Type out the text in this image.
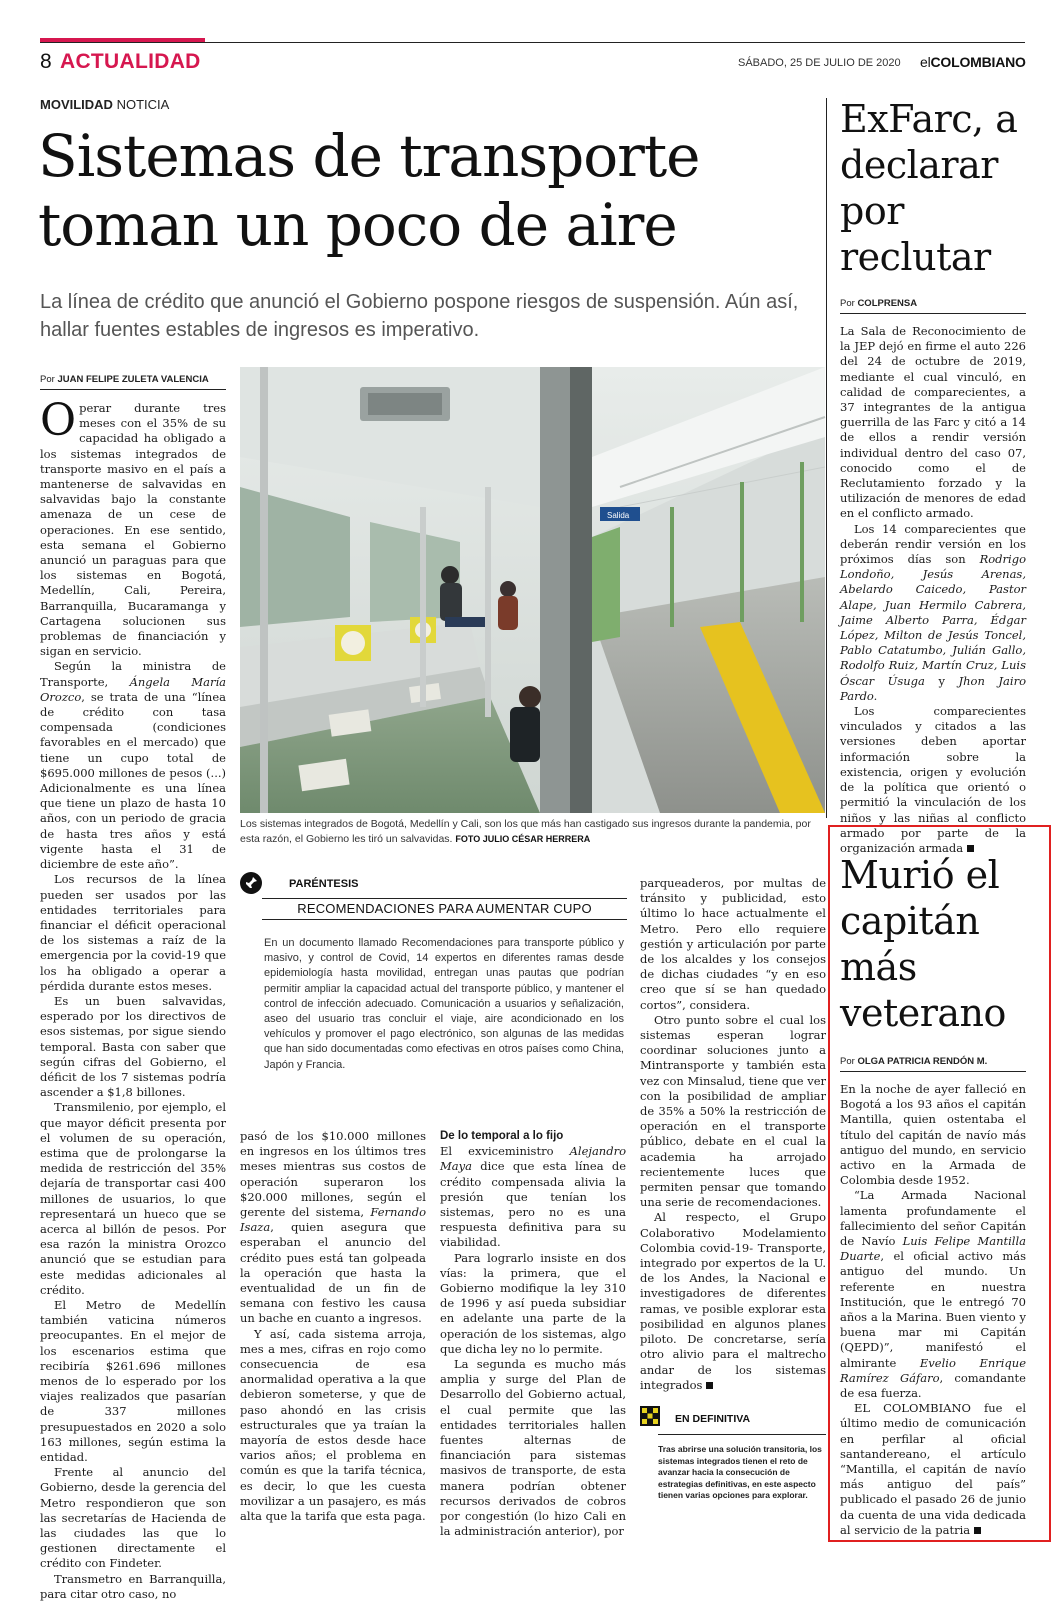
8 ACTUALIDAD	SÁBADO, 25 DE JULIO DE 2020 elCOLOMBIANO
MOVILIDAD NOTICIA
Sistemas de transporte toman un poco de aire
La línea de crédito que anunció el Gobierno pospone riesgos de suspensión. Aún así, hallar fuentes estables de ingresos es imperativo.
Por JUAN FELIPE ZULETA VALENCIA

Operar durante tres meses con el 35% de su capacidad ha obligado a los sistemas integrados de transporte masivo en el país a mantenerse de salvavidas en salvavidas bajo la constante amenaza de un cese de operaciones. En ese sentido, esta semana el Gobierno anunció un paraguas para que los sistemas en Bogotá, Medellín, Cali, Pereira, Barranquilla, Bucaramanga y Cartagena solucionen sus problemas de financiación y sigan en servicio.

Según la ministra de Transporte, Ángela María Orozco, se trata de una “línea de crédito con tasa compensada (condiciones favorables en el mercado) que tiene un cupo total de $695.000 millones de pesos (...) Adicionalmente es una línea que tiene un plazo de hasta 10 años, con un periodo de gracia de hasta tres años y está vigente hasta el 31 de diciembre de este año”.

Los recursos de la línea pueden ser usados por las entidades territoriales para financiar el déficit operacional de los sistemas a raíz de la emergencia por la covid-19 que los ha obligado a operar a pérdida durante estos meses.

Es un buen salvavidas, esperado por los directivos de esos sistemas, por sigue siendo temporal. Basta con saber que según cifras del Gobierno, el déficit de los 7 sistemas podría ascender a $1,8 billones.

Transmilenio, por ejemplo, el que mayor déficit presenta por el volumen de su operación, estima que de prolongarse la medida de restricción del 35% dejaría de transportar casi 400 millones de usuarios, lo que representará un hueco que se acerca al billón de pesos. Por esa razón la ministra Orozco anunció que se estudian para este medidas adicionales al crédito.

El Metro de Medellín también vaticina números preocupantes. En el mejor de los escenarios estima que recibiría $261.696 millones menos de lo esperado por los viajes realizados que pasarían de 337 millones presupuestados en 2020 a solo 163 millones, según estima la entidad.

Frente al anuncio del Gobierno, desde la gerencia del Metro respondieron que son las secretarías de Hacienda de las ciudades las que lo gestionen directamente el crédito con Findeter.

Transmetro en Barranquilla, para citar otro caso, no

Salida
Los sistemas integrados de Bogotá, Medellín y Cali, son los que más han castigado sus ingresos durante la pandemia, por esta razón, el Gobierno les tiró un salvavidas. FOTO JULIO CÉSAR HERRERA
PARÉNTESIS
RECOMENDACIONES PARA AUMENTAR CUPO
En un documento llamado Recomendaciones para transporte público y masivo, y control de Covid, 14 expertos en diferentes ramas desde epidemiología hasta movilidad, entregan unas pautas que podrían permitir ampliar la capacidad actual del transporte público, y mantener el control de infección adecuado. Comunicación a usuarios y señalización, aseo del usuario tras concluir el viaje, aire acondicionado en los vehículos y promover el pago electrónico, son algunas de las medidas que han sido documentadas como efectivas en otros países como China, Japón y Francia.

pasó de los $10.000 millones en ingresos en los últimos tres meses mientras sus costos de operación superaron los $20.000 millones, según el gerente del sistema, Fernando Isaza, quien asegura que esperaban el anuncio del crédito pues está tan golpeada la operación que hasta la eventualidad de un fin de semana con festivo les causa un bache en cuanto a ingresos.

Y así, cada sistema arroja, mes a mes, cifras en rojo como consecuencia de esa anormalidad operativa a la que debieron someterse, y que de paso ahondó en las crisis estructurales que ya traían la mayoría de estos desde hace varios años; el problema en común es que la tarifa técnica, es decir, lo que les cuesta movilizar a un pasajero, es más alta que la tarifa que esta paga.

De lo temporal a lo fijo

El exviceministro Alejandro Maya dice que esta línea de crédito compensada alivia la presión que tenían los sistemas, pero no es una respuesta definitiva para su viabilidad.

Para lograrlo insiste en dos vías: la primera, que el Gobierno modifique la ley 310 de 1996 y así pueda subsidiar en adelante una parte de la operación de los sistemas, algo que dicha ley no lo permite.

La segunda es mucho más amplia y surge del Plan de Desarrollo del Gobierno actual, el cual permite que las entidades territoriales hallen fuentes alternas de financiación para sistemas masivos de transporte, de esta manera podrían obtener recursos derivados de cobros por congestión (lo hizo Cali en la administración anterior), por

parqueaderos, por multas de tránsito y publicidad, esto último lo hace actualmente el Metro. Pero ello requiere gestión y articulación por parte de los alcaldes y los consejos de dichas ciudades “y en eso creo que sí se han quedado cortos”, considera.

Otro punto sobre el cual los sistemas esperan lograr coordinar soluciones junto a Mintransporte y también esta vez con Minsalud, tiene que ver con la posibilidad de ampliar de 35% a 50% la restricción de operación en el transporte público, debate en el cual la academia ha arrojado recientemente luces que permiten pensar que tomando una serie de recomendaciones.

Al respecto, el Grupo Colaborativo Modelamiento Colombia covid-19- Transporte, integrado por expertos de la U. de los Andes, la Nacional e investigadores de diferentes ramas, ve posible explorar esta posibilidad en algunos planes piloto. De concretarse, sería otro alivio para el maltrecho andar de los sistemas integrados

EN DEFINITIVA
Tras abrirse una solución transitoria, los sistemas integrados tienen el reto de avanzar hacia la consecución de estrategias definitivas, en este aspecto tienen varias opciones para explorar.
ExFarc, a declarar por reclutar
Por COLPRENSA

La Sala de Reconocimiento de la JEP dejó en firme el auto 226 del 24 de octubre de 2019, mediante el cual vinculó, en calidad de comparecientes, a 37 integrantes de la antigua guerrilla de las Farc y citó a 14 de ellos a rendir versión individual dentro del caso 07, conocido como el de Reclutamiento forzado y la utilización de menores de edad en el conflicto armado.

Los 14 comparecientes que deberán rendir versión en los próximos días son Rodrigo Londoño, Jesús Arenas, Abelardo Caicedo, Pastor Alape, Juan Hermilo Cabrera, Jaime Alberto Parra, Édgar López, Milton de Jesús Toncel, Pablo Catatumbo, Julián Gallo, Rodolfo Ruiz, Martín Cruz, Luis Óscar Úsuga y Jhon Jairo Pardo.

Los comparecientes vinculados y citados a las versiones deben aportar información sobre la existencia, origen y evolución de la política que orientó o permitió la vinculación de los niños y las niñas al conflicto armado por parte de la organización armada

Murió el capitán más veterano
Por OLGA PATRICIA RENDÓN M.

En la noche de ayer falleció en Bogotá a los 93 años el capitán Mantilla, quien ostentaba el título del capitán de navío más antiguo del mundo, en servicio activo en la Armada de Colombia desde 1952.

“La Armada Nacional lamenta profundamente el fallecimiento del señor Capitán de Navío Luis Felipe Mantilla Duarte, el oficial activo más antiguo del mundo. Un referente en nuestra Institución, que le entregó 70 años a la Marina. Buen viento y buena mar mi Capitán (QEPD)”, manifestó el almirante Evelio Enrique Ramírez Gáfaro, comandante de esa fuerza.

EL COLOMBIANO fue el último medio de comunicación en perfilar al oficial santandereano, el artículo “Mantilla, el capitán de navío más antiguo del país” publicado el pasado 26 de junio da cuenta de una vida dedicada al servicio de la patria
